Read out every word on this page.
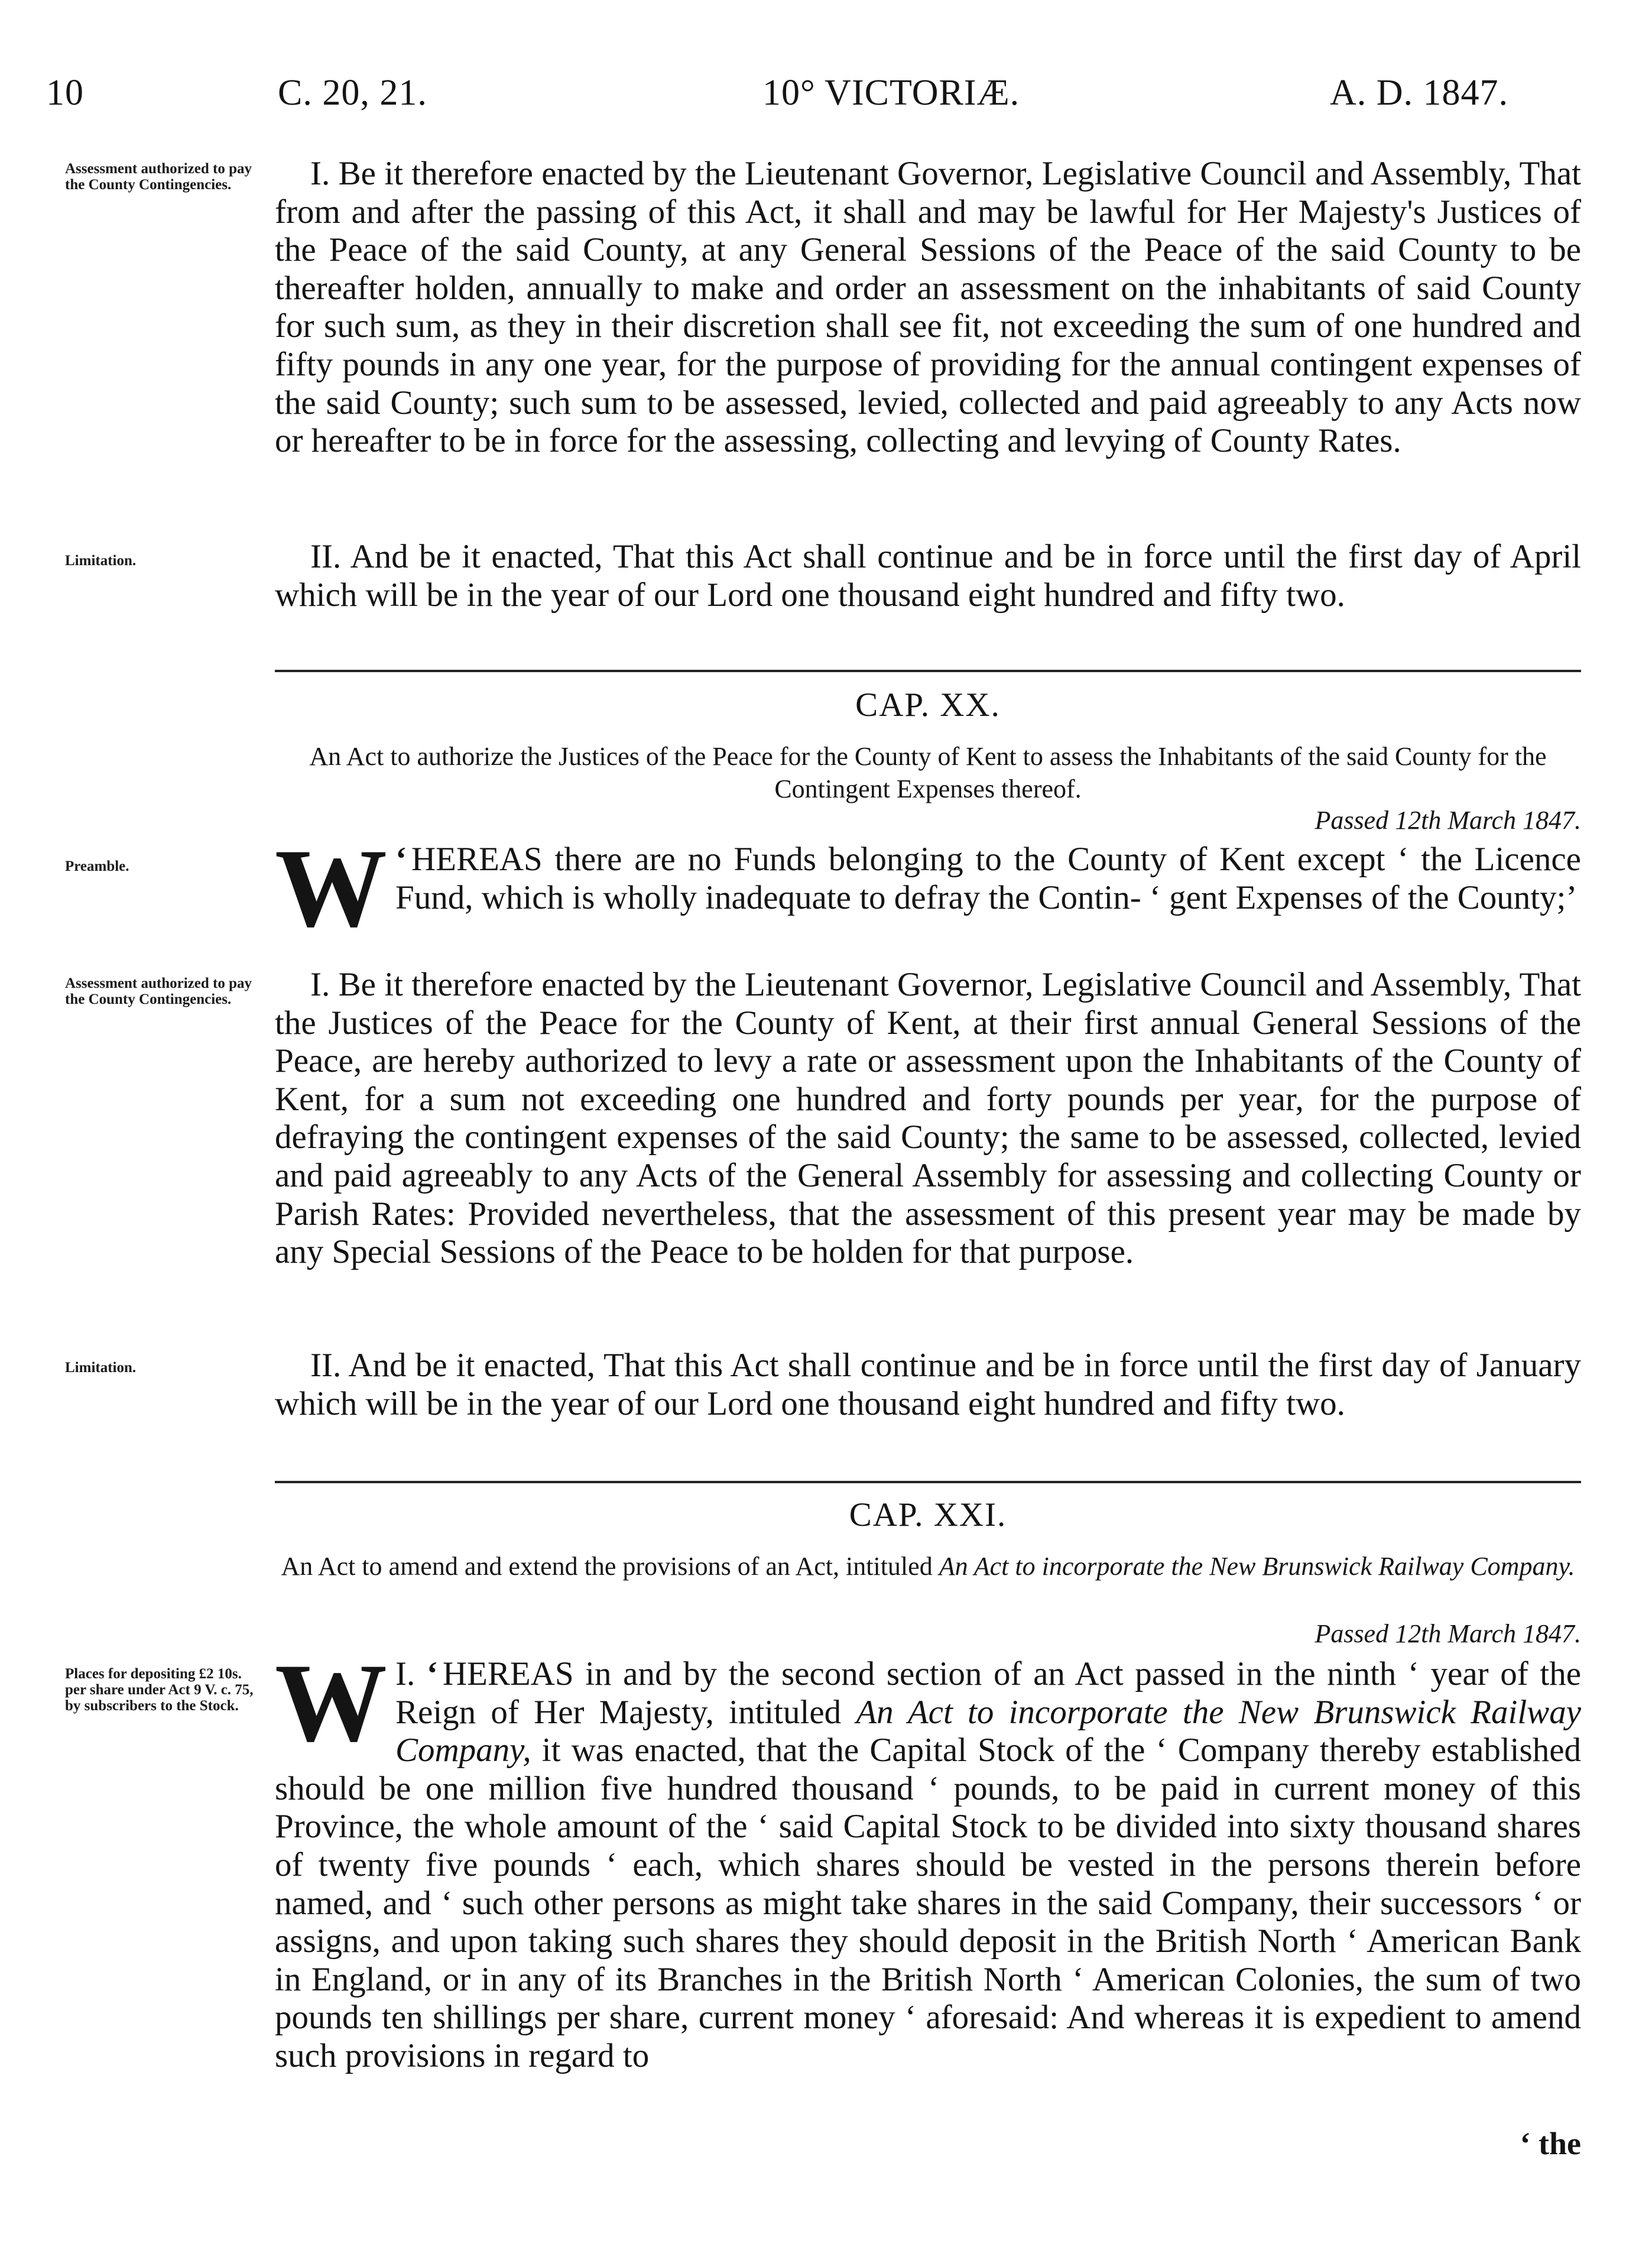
10	C. 20, 21.	10° VICTORIÆ.	A. D. 1847.
Assessment authorized to pay the County Contingencies.	I. Be it therefore enacted by the Lieutenant Governor, Legislative Council and Assembly, That from and after the passing of this Act, it shall and may be lawful for Her Majesty's Justices of the Peace of the said County, at any General Sessions of the Peace of the said County to be thereafter holden, annually to make and order an assessment on the inhabitants of said County for such sum, as they in their discretion shall see fit, not exceeding the sum of one hundred and fifty pounds in any one year, for the purpose of providing for the annual contingent expenses of the said County; such sum to be assessed, levied, collected and paid agreeably to any Acts now or hereafter to be in force for the assessing, collecting and levying of County Rates.

Limitation.	II. And be it enacted, That this Act shall continue and be in force until the first day of April which will be in the year of our Lord one thousand eight hundred and fifty two.

CAP. XX.
An Act to authorize the Justices of the Peace for the County of Kent to assess the Inhabitants of the said County for the Contingent Expenses thereof.
Passed 12th March 1847.
Preamble.	‘
W HEREAS there are no Funds belonging to the County of Kent except ‘ the Licence Fund, which is wholly inadequate to defray the Contin- ‘ gent Expenses of the County;’
Assessment authorized to pay the County Contingencies.	I. Be it therefore enacted by the Lieutenant Governor, Legislative Council and Assembly, That the Justices of the Peace for the County of Kent, at their first annual General Sessions of the Peace, are hereby authorized to levy a rate or assessment upon the Inhabitants of the County of Kent, for a sum not exceeding one hundred and forty pounds per year, for the purpose of defraying the contingent expenses of the said County; the same to be assessed, collected, levied and paid agreeably to any Acts of the General Assembly for assessing and collecting County or Parish Rates: Provided nevertheless, that the assessment of this present year may be made by any Special Sessions of the Peace to be holden for that purpose.

Limitation.	II. And be it enacted, That this Act shall continue and be in force until the first day of January which will be in the year of our Lord one thousand eight hundred and fifty two.

CAP. XXI.
An Act to amend and extend the provisions of an Act, intituled An Act to incorporate the New Brunswick Railway Company.
Passed 12th March 1847.
Places for depositing £2 10s. per share under Act 9 V. c. 75, by subscribers to the Stock.
I. ‘
W HEREAS in and by the second section of an Act passed in the ninth ‘ year of the Reign of Her Majesty, intituled An Act to incorporate the New Brunswick Railway Company, it was enacted, that the Capital Stock of the ‘ Company thereby established should be one million five hundred thousand ‘ pounds, to be paid in current money of this Province, the whole amount of the ‘ said Capital Stock to be divided into sixty thousand shares of twenty five pounds ‘ each, which shares should be vested in the persons therein before named, and ‘ such other persons as might take shares in the said Company, their successors ‘ or assigns, and upon taking such shares they should deposit in the British North ‘ American Bank in England, or in any of its Branches in the British North ‘ American Colonies, the sum of two pounds ten shillings per share, current money ‘ aforesaid: And whereas it is expedient to amend such provisions in regard to
‘ the
